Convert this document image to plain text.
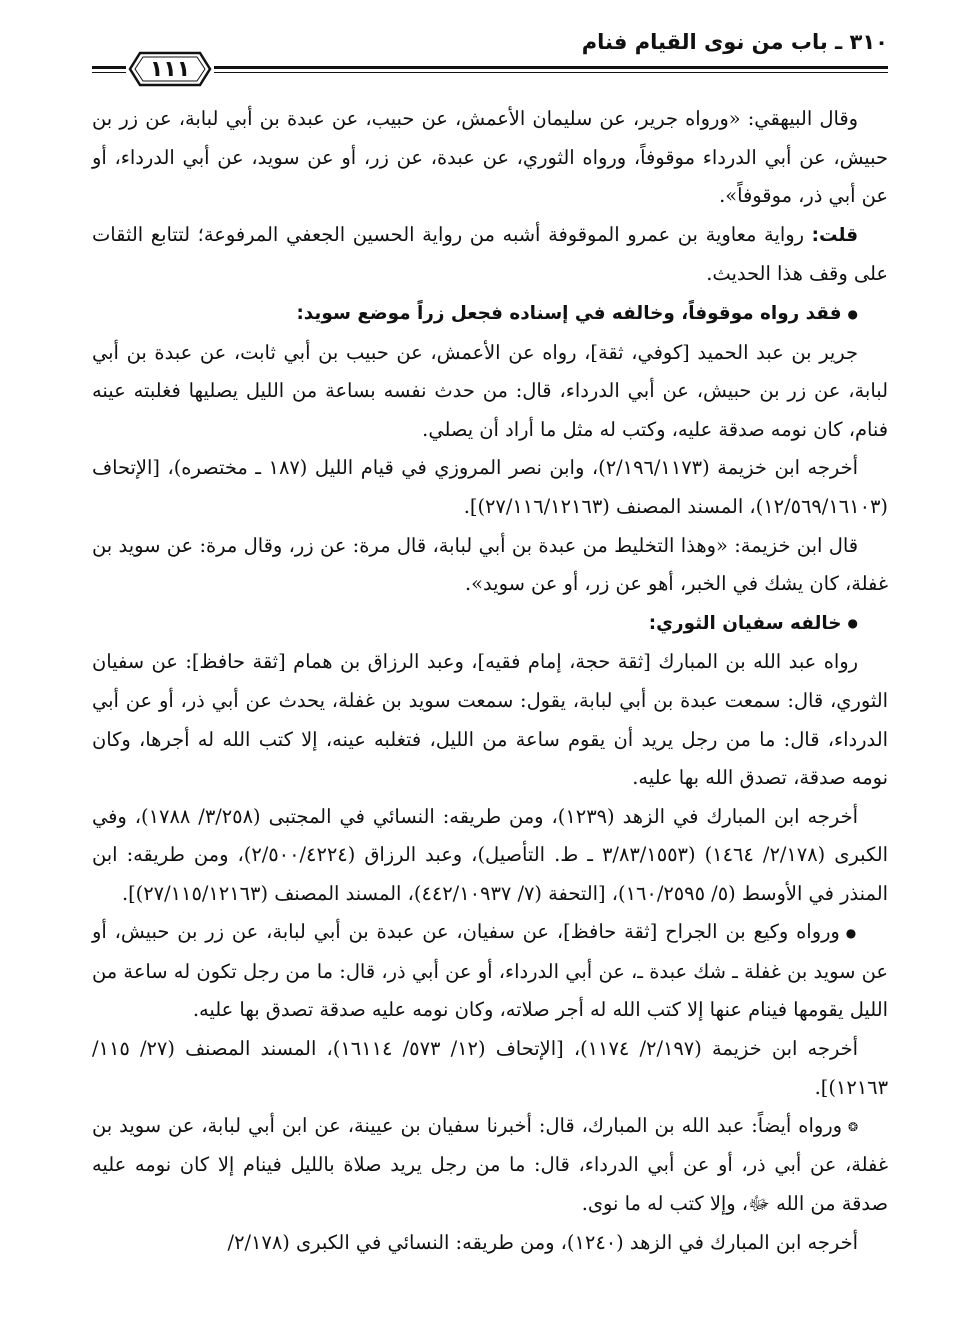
٣١٠ ـ باب من نوى القيام فنام
١١١

وقال البيهقي: «ورواه جرير، عن سليمان الأعمش، عن حبيب، عن عبدة بن أبي لبابة، عن زر بن حبيش، عن أبي الدرداء موقوفاً، ورواه الثوري، عن عبدة، عن زر، أو عن سويد، عن أبي الدرداء، أو عن أبي ذر، موقوفاً».

قلت: رواية معاوية بن عمرو الموقوفة أشبه من رواية الحسين الجعفي المرفوعة؛ لتتابع الثقات على وقف هذا الحديث.

●فقد رواه موقوفاً، وخالفه في إسناده فجعل زراً موضع سويد:

جرير بن عبد الحميد [كوفي، ثقة]، رواه عن الأعمش، عن حبيب بن أبي ثابت، عن عبدة بن أبي لبابة، عن زر بن حبيش، عن أبي الدرداء، قال: من حدث نفسه بساعة من الليل يصليها فغلبته عينه فنام، كان نومه صدقة عليه، وكتب له مثل ما أراد أن يصلي.

أخرجه ابن خزيمة (٢/١٩٦/١١٧٣)، وابن نصر المروزي في قيام الليل (١٨٧ ـ مختصره)، [الإتحاف (١٢/٥٦٩/١٦١٠٣)، المسند المصنف (٢٧/١١٦/١٢١٦٣)].

قال ابن خزيمة: «وهذا التخليط من عبدة بن أبي لبابة، قال مرة: عن زر، وقال مرة: عن سويد بن غفلة، كان يشك في الخبر، أهو عن زر، أو عن سويد».

●خالفه سفيان الثوري:

رواه عبد الله بن المبارك [ثقة حجة، إمام فقيه]، وعبد الرزاق بن همام [ثقة حافظ]: عن سفيان الثوري، قال: سمعت عبدة بن أبي لبابة، يقول: سمعت سويد بن غفلة، يحدث عن أبي ذر، أو عن أبي الدرداء، قال: ما من رجل يريد أن يقوم ساعة من الليل، فتغلبه عينه، إلا كتب الله له أجرها، وكان نومه صدقة، تصدق الله بها عليه.

أخرجه ابن المبارك في الزهد (١٢٣٩)، ومن طريقه: النسائي في المجتبى (٣/٢٥٨/ ١٧٨٨)، وفي الكبرى (٢/١٧٨/ ١٤٦٤) (٣/٨٣/١٥٥٣ ـ ط. التأصيل)، وعبد الرزاق (٢/٥٠٠/٤٢٢٤)، ومن طريقه: ابن المنذر في الأوسط (٥/ ١٦٠/٢٥٩٥)، [التحفة (٧/ ٤٤٢/١٠٩٣٧)، المسند المصنف (٢٧/١١٥/١٢١٦٣)].

●ورواه وكيع بن الجراح [ثقة حافظ]، عن سفيان، عن عبدة بن أبي لبابة، عن زر بن حبيش، أو عن سويد بن غفلة ـ شك عبدة ـ، عن أبي الدرداء، أو عن أبي ذر، قال: ما من رجل تكون له ساعة من الليل يقومها فينام عنها إلا كتب الله له أجر صلاته، وكان نومه عليه صدقة تصدق بها عليه.

أخرجه ابن خزيمة (٢/١٩٧/ ١١٧٤)، [الإتحاف (١٢/ ٥٧٣/ ١٦١١٤)، المسند المصنف (٢٧/ ١١٥/ ١٢١٦٣)].

❂ورواه أيضاً: عبد الله بن المبارك، قال: أخبرنا سفيان بن عيينة، عن ابن أبي لبابة، عن سويد بن غفلة، عن أبي ذر، أو عن أبي الدرداء، قال: ما من رجل يريد صلاة بالليل فينام إلا كان نومه عليه صدقة من الله ﷻ، وإلا كتب له ما نوى.

أخرجه ابن المبارك في الزهد (١٢٤٠)، ومن طريقه: النسائي في الكبرى (٢/١٧٨/
